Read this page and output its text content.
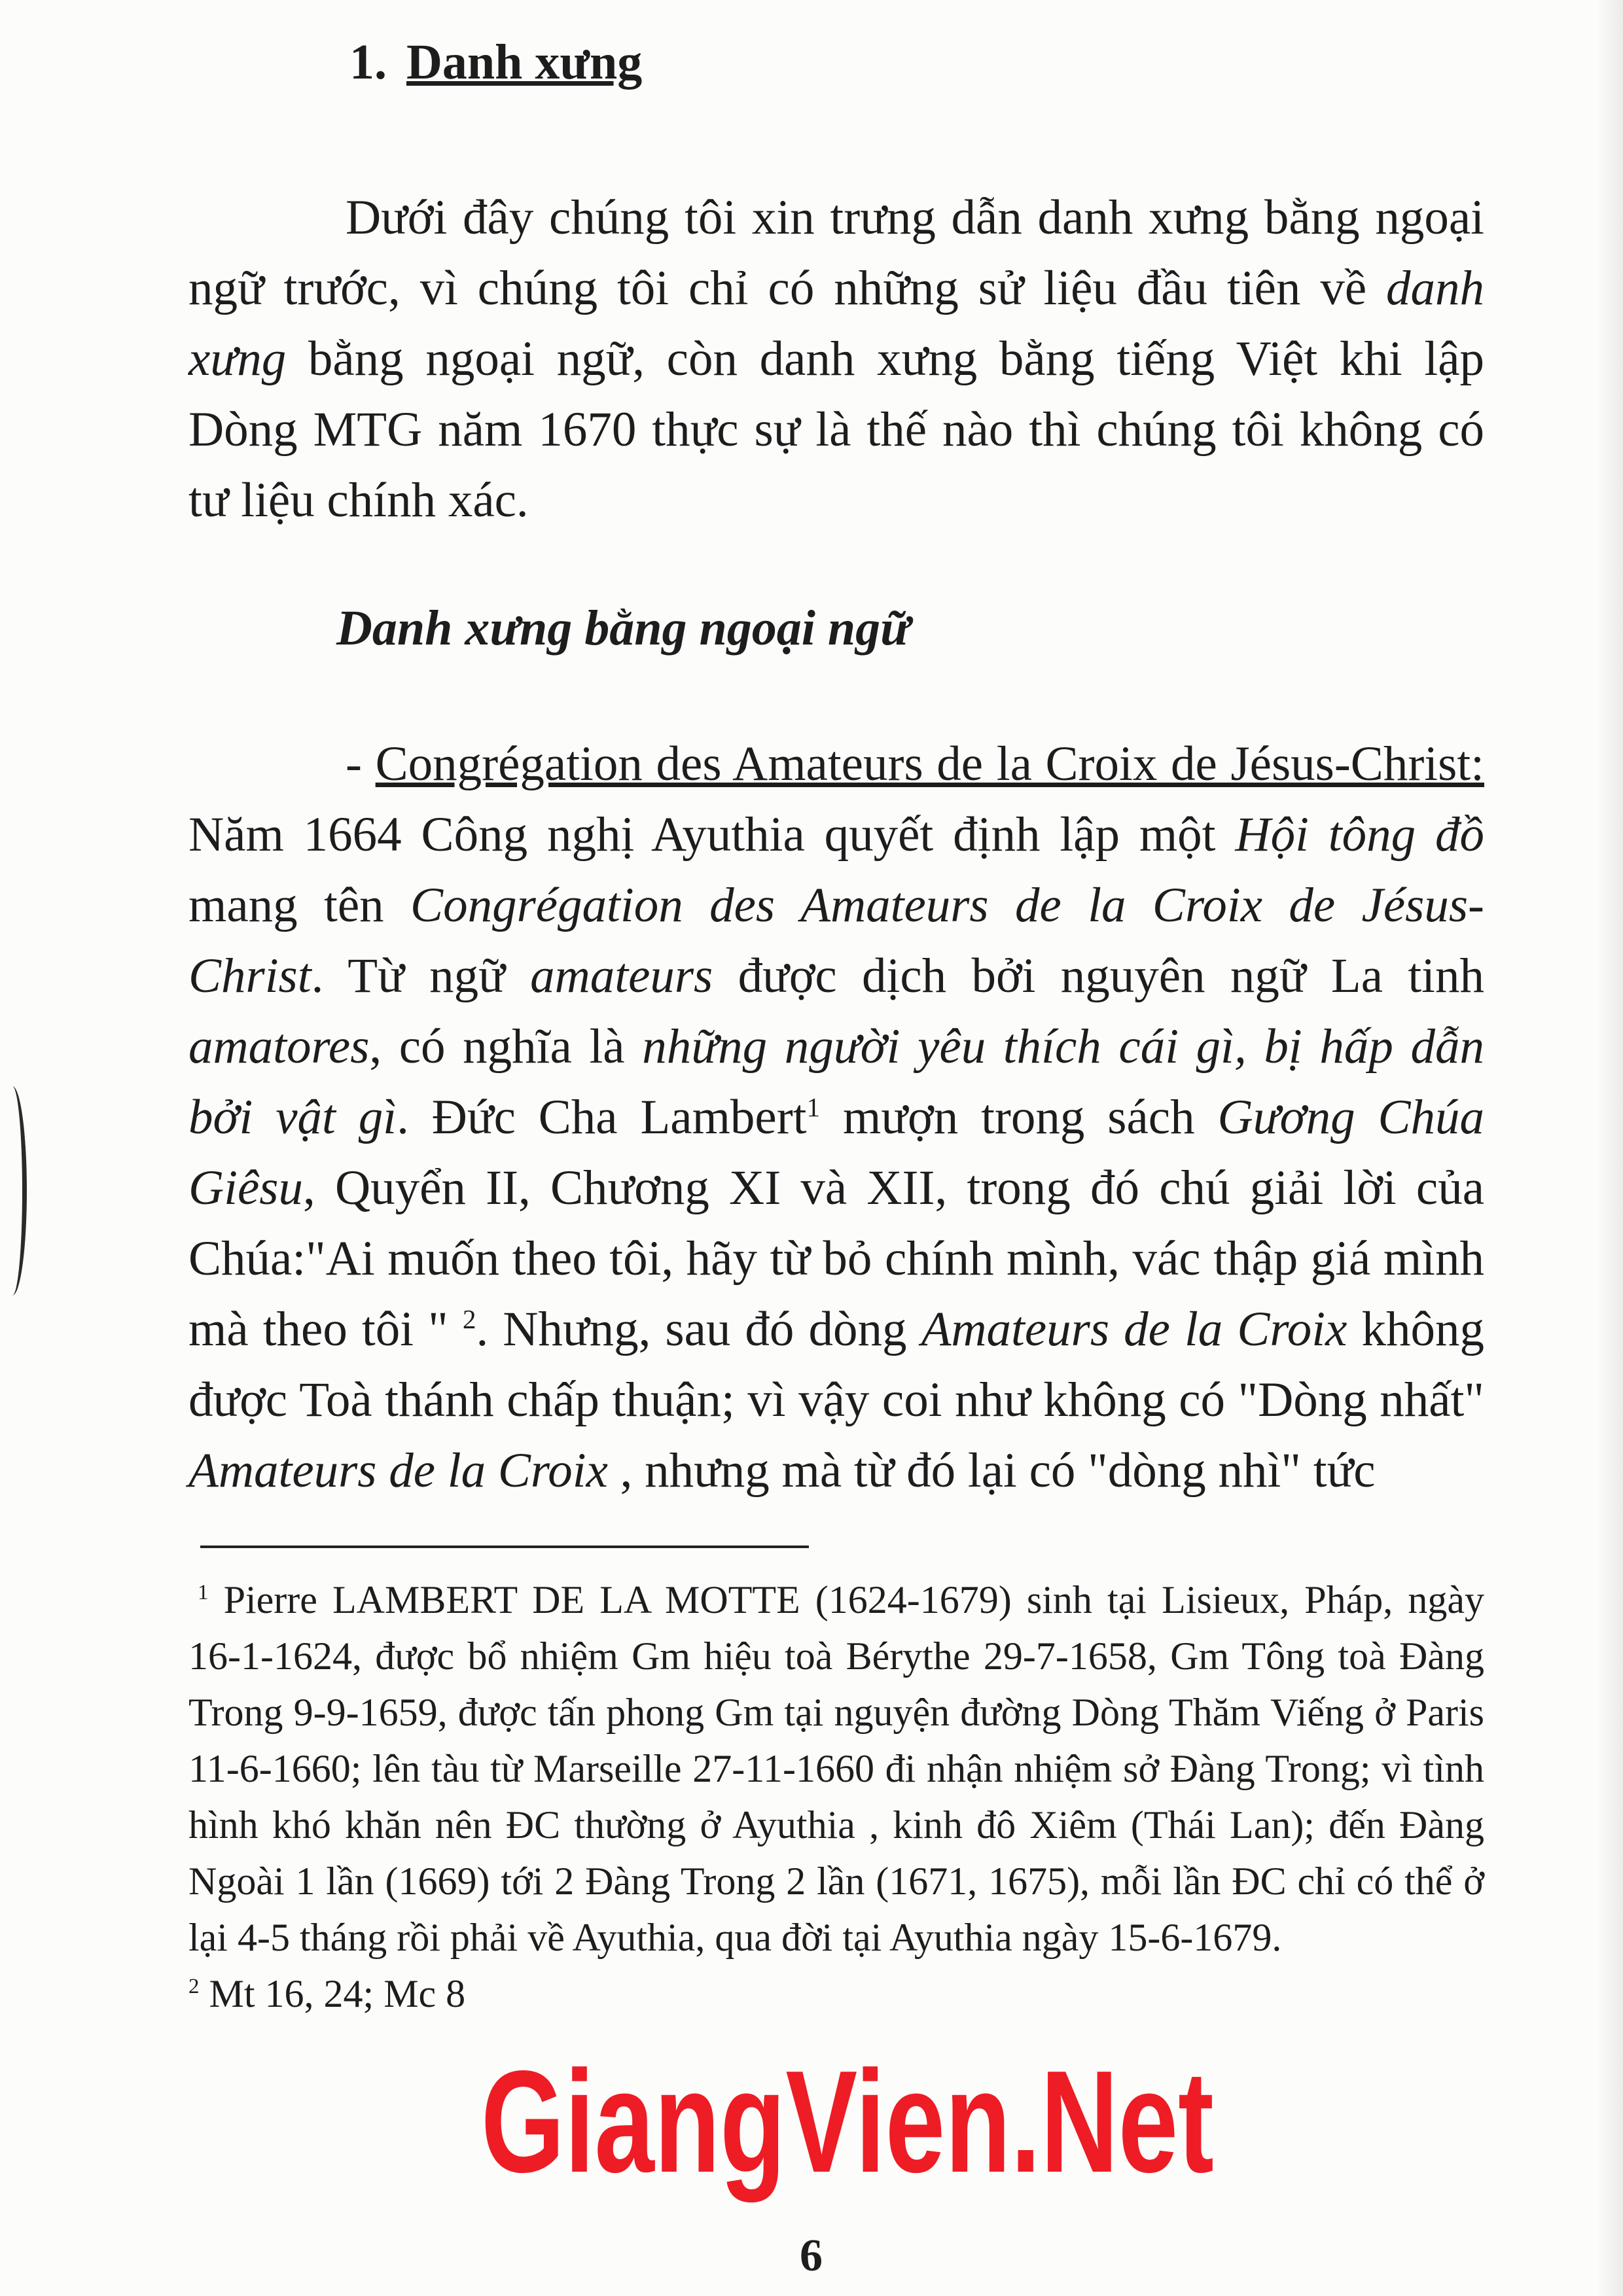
1. Danh xưng

Dưới đây chúng tôi xin trưng dẫn danh xưng bằng ngoại ngữ trước, vì chúng tôi chỉ có những sử liệu đầu tiên về danh xưng bằng ngoại ngữ, còn danh xưng bằng tiếng Việt khi lập Dòng MTG năm 1670 thực sự là thế nào thì chúng tôi không có tư liệu chính xác.

Danh xưng bằng ngoại ngữ

- Congrégation des Amateurs de la Croix de Jésus-Christ: Năm 1664 Công nghị Ayuthia quyết định lập một Hội tông đồ mang tên Congrégation des Amateurs de la Croix de Jésus-Christ. Từ ngữ amateurs được dịch bởi nguyên ngữ La tinh amatores, có nghĩa là những người yêu thích cái gì, bị hấp dẫn bởi vật gì. Đức Cha Lambert$^1$ mượn trong sách Gương Chúa Giêsu, Quyển II, Chương XI và XII, trong đó chú giải lời của Chúa:"Ai muốn theo tôi, hãy từ bỏ chính mình, vác thập giá mình mà theo tôi " $^2$. Nhưng, sau đó dòng Amateurs de la Croix không được Toà thánh chấp thuận; vì vậy coi như không có "Dòng nhất" Amateurs de la Croix , nhưng mà từ đó lại có "dòng nhì" tức

$^1$ Pierre LAMBERT DE LA MOTTE (1624-1679) sinh tại Lisieux, Pháp, ngày 16-1-1624, được bổ nhiệm Gm hiệu toà Bérythe 29-7-1658, Gm Tông toà Đàng Trong 9-9-1659, được tấn phong Gm tại nguyện đường Dòng Thăm Viếng ở Paris 11-6-1660; lên tàu từ Marseille 27-11-1660 đi nhận nhiệm sở Đàng Trong; vì tình hình khó khăn nên ĐC thường ở Ayuthia , kinh đô Xiêm (Thái Lan); đến Đàng Ngoài 1 lần (1669) tới 2 Đàng Trong 2 lần (1671, 1675), mỗi lần ĐC chỉ có thể ở lại 4-5 tháng rồi phải về Ayuthia, qua đời tại Ayuthia ngày 15-6-1679.

$^2$ Mt 16, 24; Mc 8

GiangVien.Net
6
